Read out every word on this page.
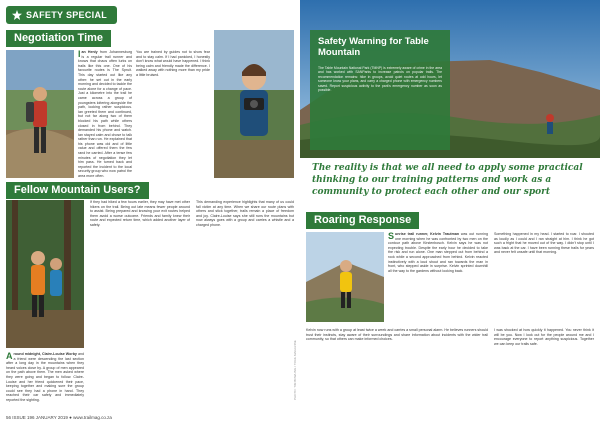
SAFETY SPECIAL
Negotiation Time

Ian Henly from Johannesburg is a regular trail runner and knows that chaos often lurks on trails like this one. One of his favourite routes is The Spruit. This day started out like any other: he set out in the early morning and decided to tackle the route alone for a change of pace. Just a kilometre into the trail he came across a group of youngsters loitering alongside the path, looking rather suspicious. Ian greeted them and continued, but not far along two of them blocked his path while others closed in from behind. They demanded his phone and watch. Ian stayed calm and chose to talk rather than run. He explained that his phone was old and of little value and offered them the few rand he carried. After a tense few minutes of negotiation they let him pass. He turned back and reported the incident to the local security group who now patrol the area more often.

You are trained by guides not to show fear and to stay calm. If I had panicked, I honestly don't know what would have happened. I think being calm and friendly made the difference. I walked away with nothing more than my pride a little bruised.

Fellow Mountain Users?

Around midnight, Claire-Louise Worby and a friend were descending the last section after a long day in the mountains when they heard voices close by. A group of men appeared on the path above them. The men asked where they were going and began to follow. Claire-Louise and her friend quickened their pace, keeping together and making sure the group could see they had a phone in hand. They reached their car safely and immediately reported the sighting.

If they had hiked a few hours earlier, they may have met other hikers on the trail. Being out late means fewer people around to assist. Being prepared and knowing your exit routes helped them avoid a worse outcome. Friends and family knew their route and expected return time, which added another layer of safety.

This demanding experience highlights that many of us could fall victim at any time. When we share our route plans with others and stick together, trails remain a place of freedom and joy. Claire-Louise says she still runs the mountains but now always goes with a group and carries a whistle and a charged phone.

56 ISSUE 196 JANUARY 2019 ● www.trailmag.co.za
Safety Warning for Table Mountain
The Table Mountain National Park (TMNP) is extremely aware of crime in the area and has worked with SANParks to increase patrols on popular trails. The recommendation remains: hike in groups, avoid quiet routes at odd hours, let someone know your plans, and carry a charged phone with emergency numbers saved. Report suspicious activity to the park's emergency number as soon as possible.
The reality is that we all need to apply some practical thinking to our training patterns and work as a community to protect each other and our sport
Roaring Response

Sunrise trail runner, Kelvin Trautman was out running one morning when he was confronted by two men on the contour path above Kirstenbosch. Kelvin says he was not expecting trouble. Despite the early hour he decided to take the risk and run alone. One man stepped out from behind a rock while a second approached from behind. Kelvin reacted instinctively with a loud shout and ran towards the man in front, who stepped aside in surprise. Kelvin sprinted downhill all the way to the gardens without looking back.

Something happened in my head. I started to roar. I shouted as loudly as I could and I ran straight at him. I think he got such a fright that he moved out of the way. I didn't stop until I was back at the car. I have been running these trails for years and never felt unsafe until that morning.

Kelvin now runs with a group at least twice a week and carries a small personal alarm. He believes runners should trust their instincts, stay aware of their surroundings and share information about incidents with the wider trail community, so that others can make informed choices.

I was shocked at how quickly it happened. You never think it will be you. Now I look out for the people around me and I encourage everyone to report anything suspicious. Together we can keep our trails safe.

PHOTO: TIM BOWLING / TRAIL MAGAZINE
